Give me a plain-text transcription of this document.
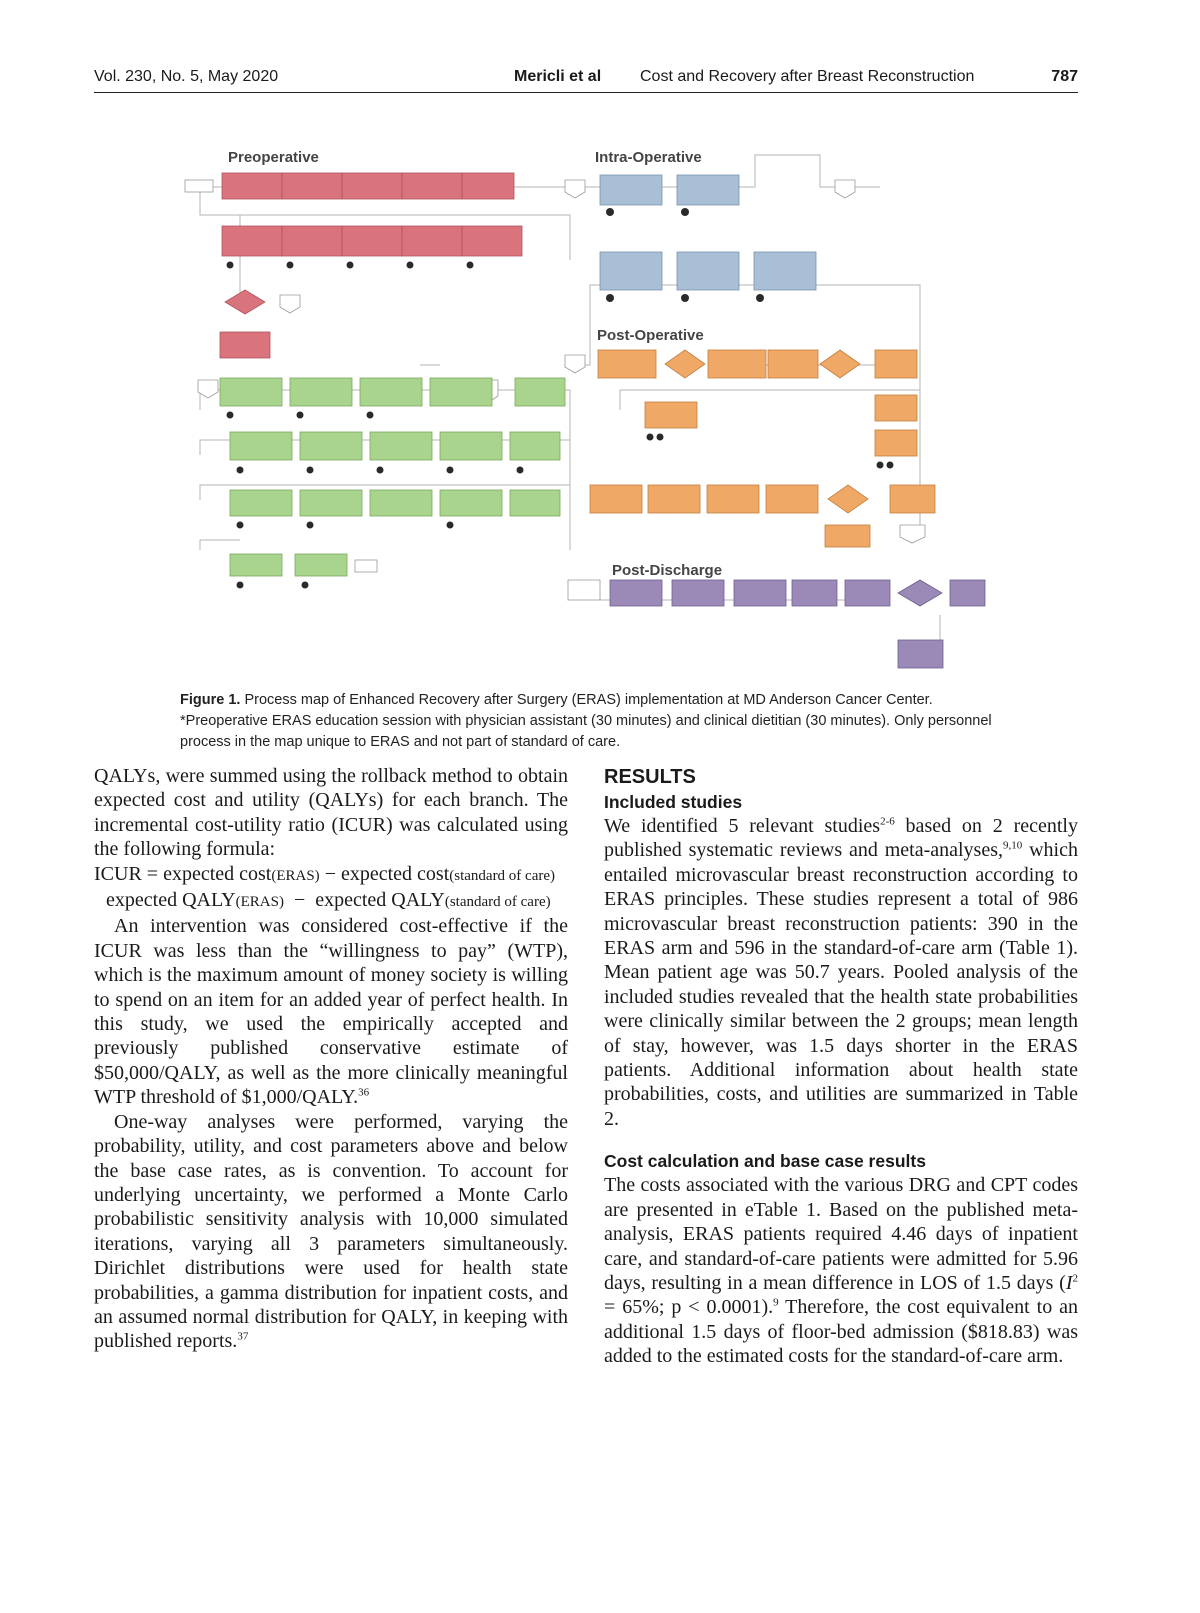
Vol. 230, No. 5, May 2020	Mericli et al Cost and Recovery after Breast Reconstruction	787
Preoperative	Intra-Operative
Post-Operative
Post-Discharge
Figure 1. Process map of Enhanced Recovery after Surgery (ERAS) implementation at MD Anderson Cancer Center. *Preoperative ERAS education session with physician assistant (30 minutes) and clinical dietitian (30 minutes). Only personnel process in the map unique to ERAS and not part of standard of care.

QALYs, were summed using the rollback method to obtain expected cost and utility (QALYs) for each branch. The incremental cost-utility ratio (ICUR) was calculated using the following formula:

ICUR = expected cost(ERAS) − expected cost(standard of care)

expected QALY(ERAS) − expected QALY(standard of care)

An intervention was considered cost-effective if the ICUR was less than the “willingness to pay” (WTP), which is the maximum amount of money society is willing to spend on an item for an added year of perfect health. In this study, we used the empirically accepted and previously published conservative estimate of $50,000/QALY, as well as the more clinically meaningful WTP threshold of $1,000/QALY.$^{36}$

One-way analyses were performed, varying the probability, utility, and cost parameters above and below the base case rates, as is convention. To account for underlying uncertainty, we performed a Monte Carlo probabilistic sensitivity analysis with 10,000 simulated iterations, varying all 3 parameters simultaneously. Dirichlet distributions were used for health state probabilities, a gamma distribution for inpatient costs, and an assumed normal distribution for QALY, in keeping with published reports.$^{37}$

RESULTS

Included studies

We identified 5 relevant studies$^{2-6}$ based on 2 recently published systematic reviews and meta-analyses,$^{9,10}$ which entailed microvascular breast reconstruction according to ERAS principles. These studies represent a total of 986 microvascular breast reconstruction patients: 390 in the ERAS arm and 596 in the standard-of-care arm (Table 1). Mean patient age was 50.7 years. Pooled analysis of the included studies revealed that the health state probabilities were clinically similar between the 2 groups; mean length of stay, however, was 1.5 days shorter in the ERAS patients. Additional information about health state probabilities, costs, and utilities are summarized in Table 2.

Cost calculation and base case results

The costs associated with the various DRG and CPT codes are presented in eTable 1. Based on the published meta-analysis, ERAS patients required 4.46 days of inpatient care, and standard-of-care patients were admitted for 5.96 days, resulting in a mean difference in LOS of 1.5 days ($I^2 = 65\%$; p < 0.0001).$^9$ Therefore, the cost equivalent to an additional 1.5 days of floor-bed admission ($818.83) was added to the estimated costs for the standard-of-care arm.
